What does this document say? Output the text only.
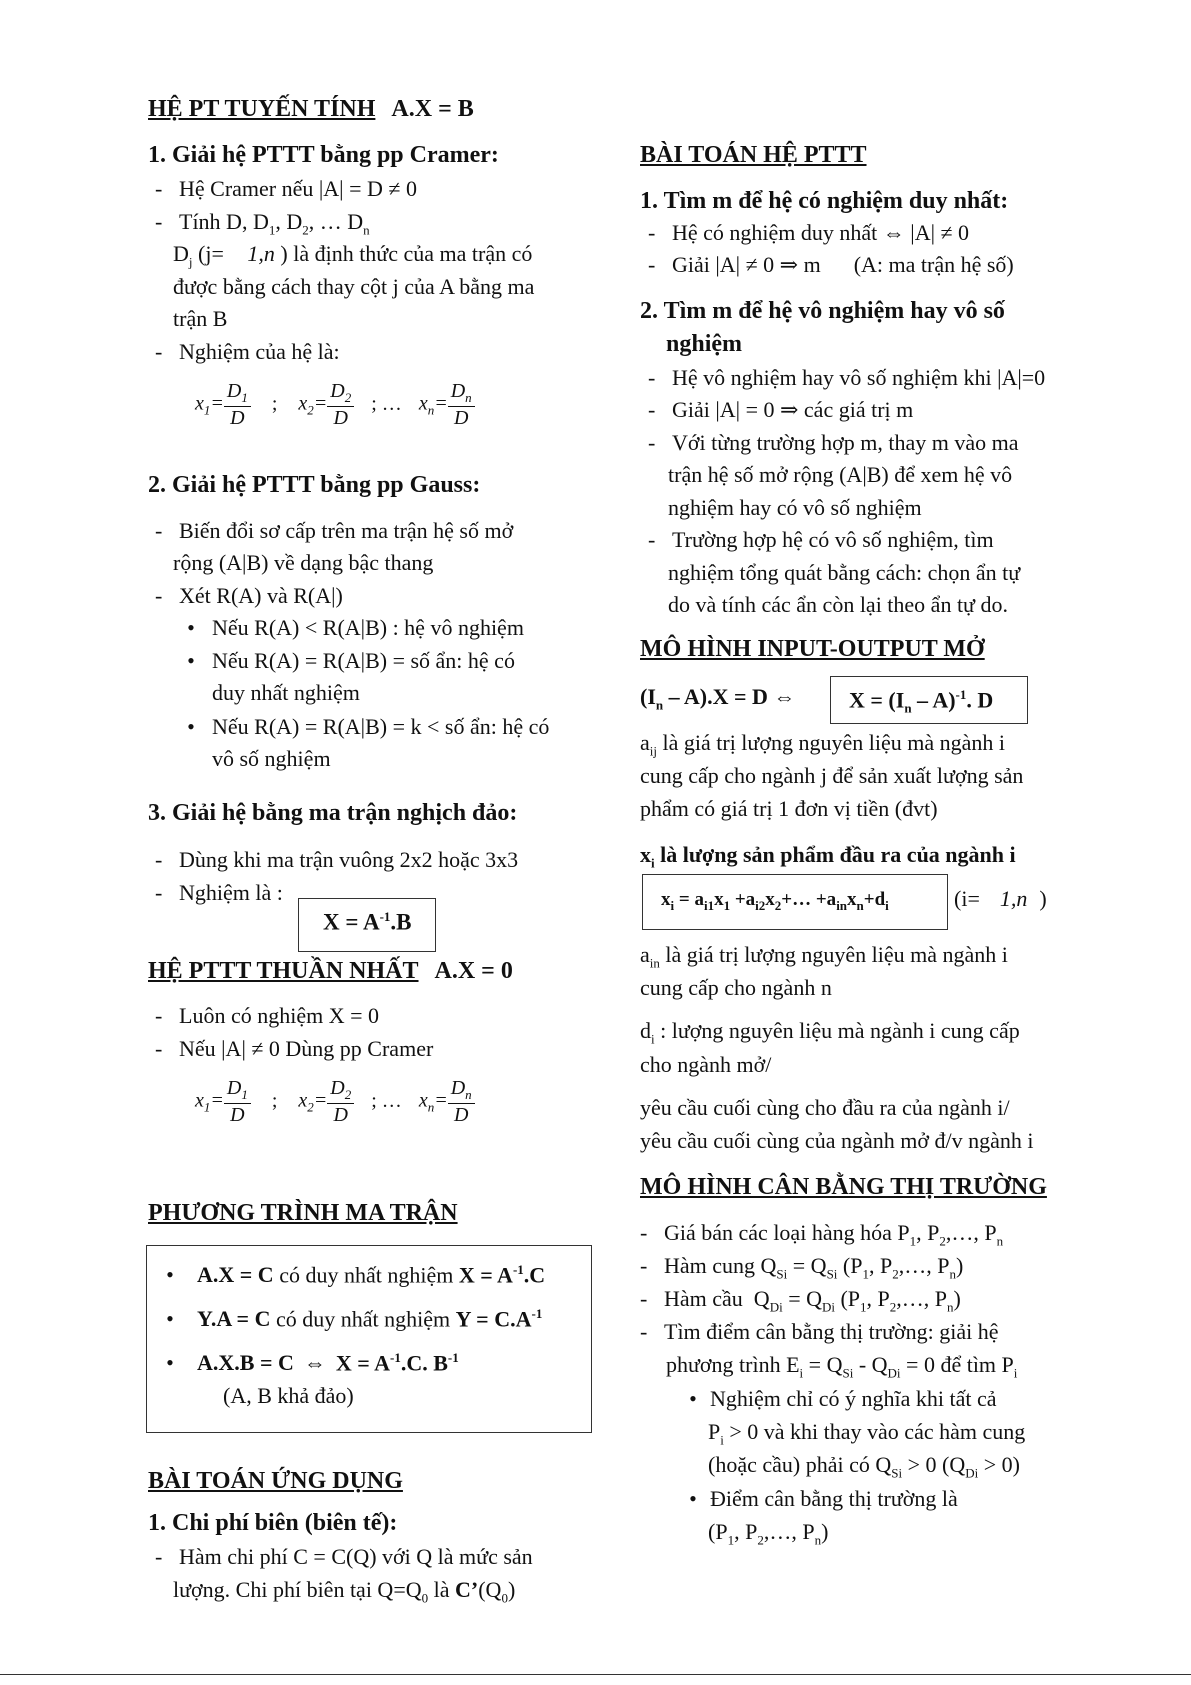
HỆ PT TUYẾN TÍNH A.X = B
1. Giải hệ PTTT bằng pp Cramer:
- Hệ Cramer nếu |A| = D ≠ 0
- Tính D, $D_1$, $D_2$, … $D_n$
$D_j$ (j= 1,n ) là định thức của ma trận có
được bằng cách thay cột j của A bằng ma
trận B
- Nghiệm của hệ là:
$x_1= \frac{D_1}{D}$ ; $x_2= \frac{D_2}{D}$ ; … $x_n= \frac{D_n}{D}$
2. Giải hệ PTTT bằng pp Gauss:
- Biến đổi sơ cấp trên ma trận hệ số mở
rộng (A|B) về dạng bậc thang
- Xét R(A) và R(A|)
• Nếu R(A) < R(A|B) : hệ vô nghiệm
• Nếu R(A) = R(A|B) = số ẩn: hệ có
duy nhất nghiệm
• Nếu R(A) = R(A|B) = k < số ẩn: hệ có
vô số nghiệm
3. Giải hệ bằng ma trận nghịch đảo:
- Dùng khi ma trận vuông 2x2 hoặc 3x3
- Nghiệm là :
$X = A^{-1}.B$
HỆ PTTT THUẦN NHẤT A.X = 0
- Luôn có nghiệm X = 0
- Nếu |A| ≠ 0 Dùng pp Cramer
$x_1= \frac{D_1}{D}$ ; $x_2= \frac{D_2}{D}$ ; … $x_n= \frac{D_n}{D}$
PHƯƠNG TRÌNH MA TRẬN
• A.X = C có duy nhất nghiệm $X = A^{-1}.C$
• Y.A = C có duy nhất nghiệm $Y = C.A^{-1}$
• A.X.B = C ⇔ $X = A^{-1}.C$. $B^{-1}$
(A, B khả đảo)
BÀI TOÁN ỨNG DỤNG
1. Chi phí biên (biên tế):
- Hàm chi phí C = C(Q) với Q là mức sản
lượng. Chi phí biên tại $Q=Q_0$ là $C’(Q_0)$
BÀI TOÁN HỆ PTTT
1. Tìm m để hệ có nghiệm duy nhất:
- Hệ có nghiệm duy nhất ⇔ |A| ≠ 0
- Giải |A| ≠ 0 ⇒ m      (A: ma trận hệ số)
2. Tìm m để hệ vô nghiệm hay vô số
nghiệm
- Hệ vô nghiệm hay vô số nghiệm khi |A|=0
- Giải |A| = 0 ⇒ các giá trị m
- Với từng trường hợp m, thay m vào ma
trận hệ số mở rộng (A|B) để xem hệ vô
nghiệm hay có vô số nghiệm
- Trường hợp hệ có vô số nghiệm, tìm
nghiệm tổng quát bằng cách: chọn ẩn tự
do và tính các ẩn còn lại theo ẩn tự do.
MÔ HÌNH INPUT-OUTPUT MỞ
$(I_n - A).X = D$ ⇔ $X = (I_n - A)^{-1}$. D
$a_{ij}$ là giá trị lượng nguyên liệu mà ngành i
cung cấp cho ngành j để sản xuất lượng sản
phẩm có giá trị 1 đơn vị tiền (đvt)
$x_i$ là lượng sản phẩm đầu ra của ngành i
$x_i = a_{i1}x_1$ $+a_{i2}x_2+\dots +a_{in}x_n+d_i$	(i= 1,n )
$a_{in}$ là giá trị lượng nguyên liệu mà ngành i
cung cấp cho ngành n
$d_i$ : lượng nguyên liệu mà ngành i cung cấp
cho ngành mở/
yêu cầu cuối cùng cho đầu ra của ngành i/
yêu cầu cuối cùng của ngành mở đ/v ngành i
MÔ HÌNH CÂN BẰNG THỊ TRƯỜNG
- Giá bán các loại hàng hóa $P_1$, $P_2,\dots$, $P_n$
- Hàm cung $Q_{Si} = Q_{Si}$ ($P_1$, $P_2,\dots$, $P_n$)
- Hàm cầu  $Q_{Di} = Q_{Di}$ ($P_1$, $P_2,\dots$, $P_n$)
- Tìm điểm cân bằng thị trường: giải hệ
phương trình $E_i = Q_{Si} - Q_{Di} = 0$ để tìm $P_i$
• Nghiệm chỉ có ý nghĩa khi tất cả
$P_i > 0$ và khi thay vào các hàm cung
(hoặc cầu) phải có $Q_{Si} > 0$ $(Q_{Di} > 0)$
• Điểm cân bằng thị trường là
($P_1$, $P_2,\dots$, $P_n$)
